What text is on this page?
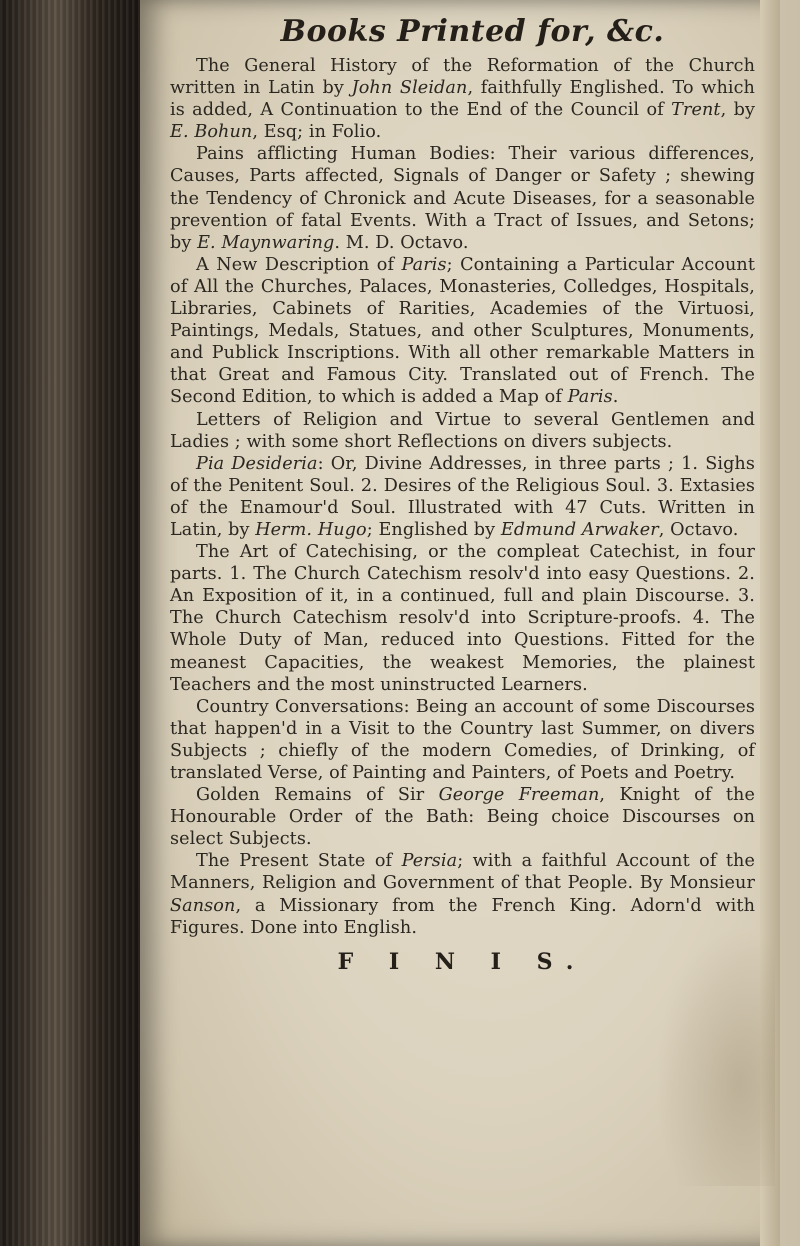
Books Printed for, &c.

The General History of the Reformation of the Church written in Latin by John Sleidan, faithfully Englished. To which is added, A Continuation to the End of the Council of Trent, by E. Bohun, Esq; in Folio.

Pains afflicting Human Bodies: Their various differences, Causes, Parts affected, Signals of Danger or Safety ; shewing the Tendency of Chronick and Acute Diseases, for a seasonable prevention of fatal Events. With a Tract of Issues, and Setons; by E. Maynwaring. M. D. Octavo.

A New Description of Paris; Containing a Particular Account of All the Churches, Palaces, Monasteries, Colledges, Hospitals, Libraries, Cabinets of Rarities, Academies of the Virtuosi, Paintings, Medals, Statues, and other Sculptures, Monuments, and Publick Inscriptions. With all other remarkable Matters in that Great and Famous City. Translated out of French. The Second Edition, to which is added a Map of Paris.

Letters of Religion and Virtue to several Gentlemen and Ladies ; with some short Reflections on divers subjects.

Pia Desideria: Or, Divine Addresses, in three parts ; 1. Sighs of the Penitent Soul. 2. Desires of the Religious Soul. 3. Extasies of the Enamour'd Soul. Illustrated with 47 Cuts. Written in Latin, by Herm. Hugo; Englished by Edmund Arwaker, Octavo.

The Art of Catechising, or the compleat Catechist, in four parts. 1. The Church Catechism resolv'd into easy Questions. 2. An Exposition of it, in a continued, full and plain Discourse. 3. The Church Catechism resolv'd into Scripture-proofs. 4. The Whole Duty of Man, reduced into Questions. Fitted for the meanest Capacities, the weakest Memories, the plainest Teachers and the most uninstructed Learners.

Country Conversations: Being an account of some Discourses that happen'd in a Visit to the Country last Summer, on divers Subjects ; chiefly of the modern Comedies, of Drinking, of translated Verse, of Painting and Painters, of Poets and Poetry.

Golden Remains of Sir George Freeman, Knight of the Honourable Order of the Bath: Being choice Discourses on select Subjects.

The Present State of Persia; with a faithful Account of the Manners, Religion and Government of that People. By Monsieur Sanson, a Missionary from the French King. Adorn'd with Figures. Done into English.

F I N I S.
